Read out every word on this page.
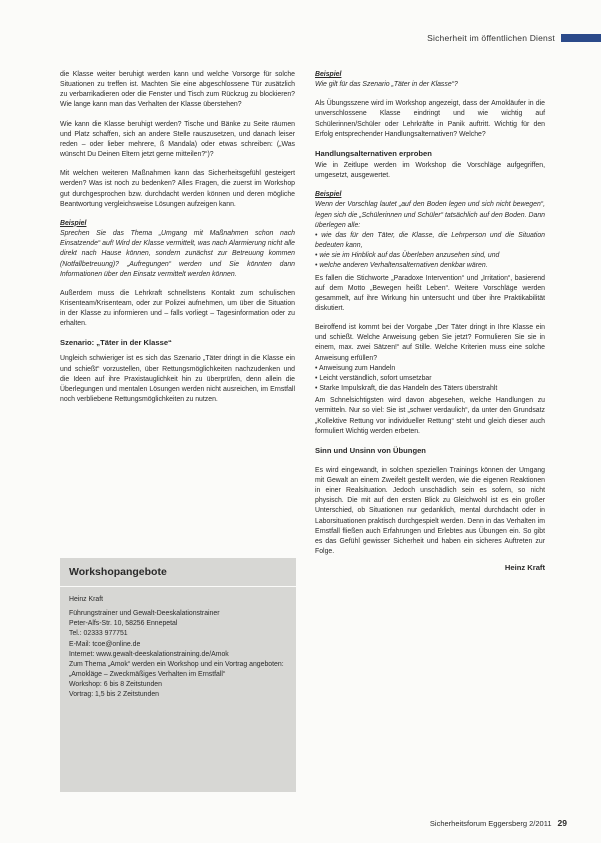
Sicherheit im öffentlichen Dienst

die Klasse weiter beruhigt werden kann und welche Vorsorge für solche Situationen zu treffen ist. Machten Sie eine abgeschlossene Tür zusätzlich zu verbarrikadieren oder die Fenster und Tisch zum Rückzug zu blockieren? Wie lange kann man das Verhalten der Klasse überstehen?

Wie kann die Klasse beruhigt werden? Tische und Bänke zu Seite räumen und Platz schaffen, sich an andere Stelle rauszusetzen, und danach leiser reden – oder lieber mehrere, ß Mandala) oder etwas schreiben: („Was wünscht Du Deinen Eltern jetzt gerne mitteilen?“)?

Mit welchen weiteren Maßnahmen kann das Sicherheitsgefühl gesteigert werden? Was ist noch zu bedenken? Alles Fragen, die zuerst im Workshop gut durchgesprochen bzw. durchdacht werden können und deren mögliche Beantwortung vergleichsweise Lösungen aufzeigen kann.

Beispiel

Sprechen Sie das Thema „Umgang mit Maßnahmen schon nach Einsatzende“ auf! Wird der Klasse vermittelt, was nach Alarmierung nicht alle direkt nach Hause können, sondern zunächst zur Betreuung kommen (Notfallbetreuung)? „Aufregungen“ werden und Sie könnten dann Informationen über den Einsatz vermittelt werden können.

Außerdem muss die Lehrkraft schnellstens Kontakt zum schulischen Krisenteam/Krisenteam, oder zur Polizei aufnehmen, um über die Situation in der Klasse zu informieren und – falls vorliegt – Tagesinformation oder zu erhalten.

Szenario: „Täter in der Klasse“

Ungleich schwieriger ist es sich das Szenario „Täter dringt in die Klasse ein und schießt“ vorzustellen, über Rettungsmöglichkeiten nachzudenken und die Ideen auf ihre Praxistauglichkeit hin zu überprüfen, denn allein die Überlegungen und mentalen Lösungen werden nicht ausreichen, im Ernstfall noch verbliebene Rettungsmöglichkeiten zu nutzen.

Workshopangebote
Heinz Kraft
Führungstrainer und Gewalt-Deeskalationstrainer
Peter-Alfs-Str. 10, 58256 Ennepetal
Tel.: 02333 977751
E-Mail: tcoe@online.de
Internet: www.gewalt-deeskalationstraining.de/Amok
Zum Thema „Amok“ werden ein Workshop und ein Vortrag angeboten:
„Amokläge – Zweckmäßiges Verhalten im Ernstfall“
Workshop: 6 bis 8 Zeitstunden
Vortrag: 1,5 bis 2 Zeitstunden

Beispiel

Wie gilt für das Szenario „Täter in der Klasse“?

Als Übungsszene wird im Workshop angezeigt, dass der Amokläufer in die unverschlossene Klasse eindringt und wie wichtig auf Schülerinnen/Schüler oder Lehrkräfte in Panik auftritt. Wichtig für den Erfolg entsprechender Handlungsalternativen? Welche?

Handlungsalternativen erproben

Wie in Zeitlupe werden im Workshop die Vorschläge aufgegriffen, umgesetzt, ausgewertet.

Beispiel

Wenn der Vorschlag lautet „auf den Boden legen und sich nicht bewegen“, legen sich die „Schülerinnen und Schüler“ tatsächlich auf den Boden. Dann überlegen alle:

• wie das für den Täter, die Klasse, die Lehrperson und die Situation bedeuten kann,
• wie sie im Hinblick auf das Überleben anzusehen sind, und
• welche anderen Verhaltensalternativen denkbar wären.

Es fallen die Stichworte „Paradoxe Intervention“ und „Irritation“, basierend auf dem Motto „Bewegen heißt Leben“. Weitere Vorschläge werden gesammelt, auf ihre Wirkung hin untersucht und über ihre Praktikabilität diskutiert.

Beiroffend ist kommt bei der Vorgabe „Der Täter dringt in Ihre Klasse ein und schießt. Welche Anweisung geben Sie jetzt? Formulieren Sie sie in einem, max. zwei Sätzen!“ auf Stille. Welche Kriterien muss eine solche Anweisung erfüllen?

• Anweisung zum Handeln
• Leicht verständlich, sofort umsetzbar
• Starke Impulskraft, die das Handeln des Täters überstrahlt

Am Schnelsichtigsten wird davon abgesehen, welche Handlungen zu vermitteln. Nur so viel: Sie ist „schwer verdaulich“, da unter den Grundsatz „Kollektive Rettung vor individueller Rettung“ steht und gleich dieser auch formuliert Wichtig werden erbeten.

Sinn und Unsinn von Übungen

Es wird eingewandt, in solchen speziellen Trainings können der Umgang mit Gewalt an einem Zweifelt gestellt werden, wie die eigenen Reaktionen in einer Realsituation. Jedoch unschädlich sein es sofern, so nicht physisch. Die mit auf den ersten Blick zu Gleichwohl ist es ein großer Unterschied, ob Situationen nur gedanklich, mental durchdacht oder in Laborsituationen praktisch durchgespielt werden. Denn in das Verhalten im Ernstfall fließen auch Erfahrungen und Erlebtes aus Übungen ein. So gibt es das Gefühl gewisser Sicherheit und haben ein sicheres Auftreten zur Folge.

Heinz Kraft
Sicherheitsforum Eggersberg 2/2011 29
